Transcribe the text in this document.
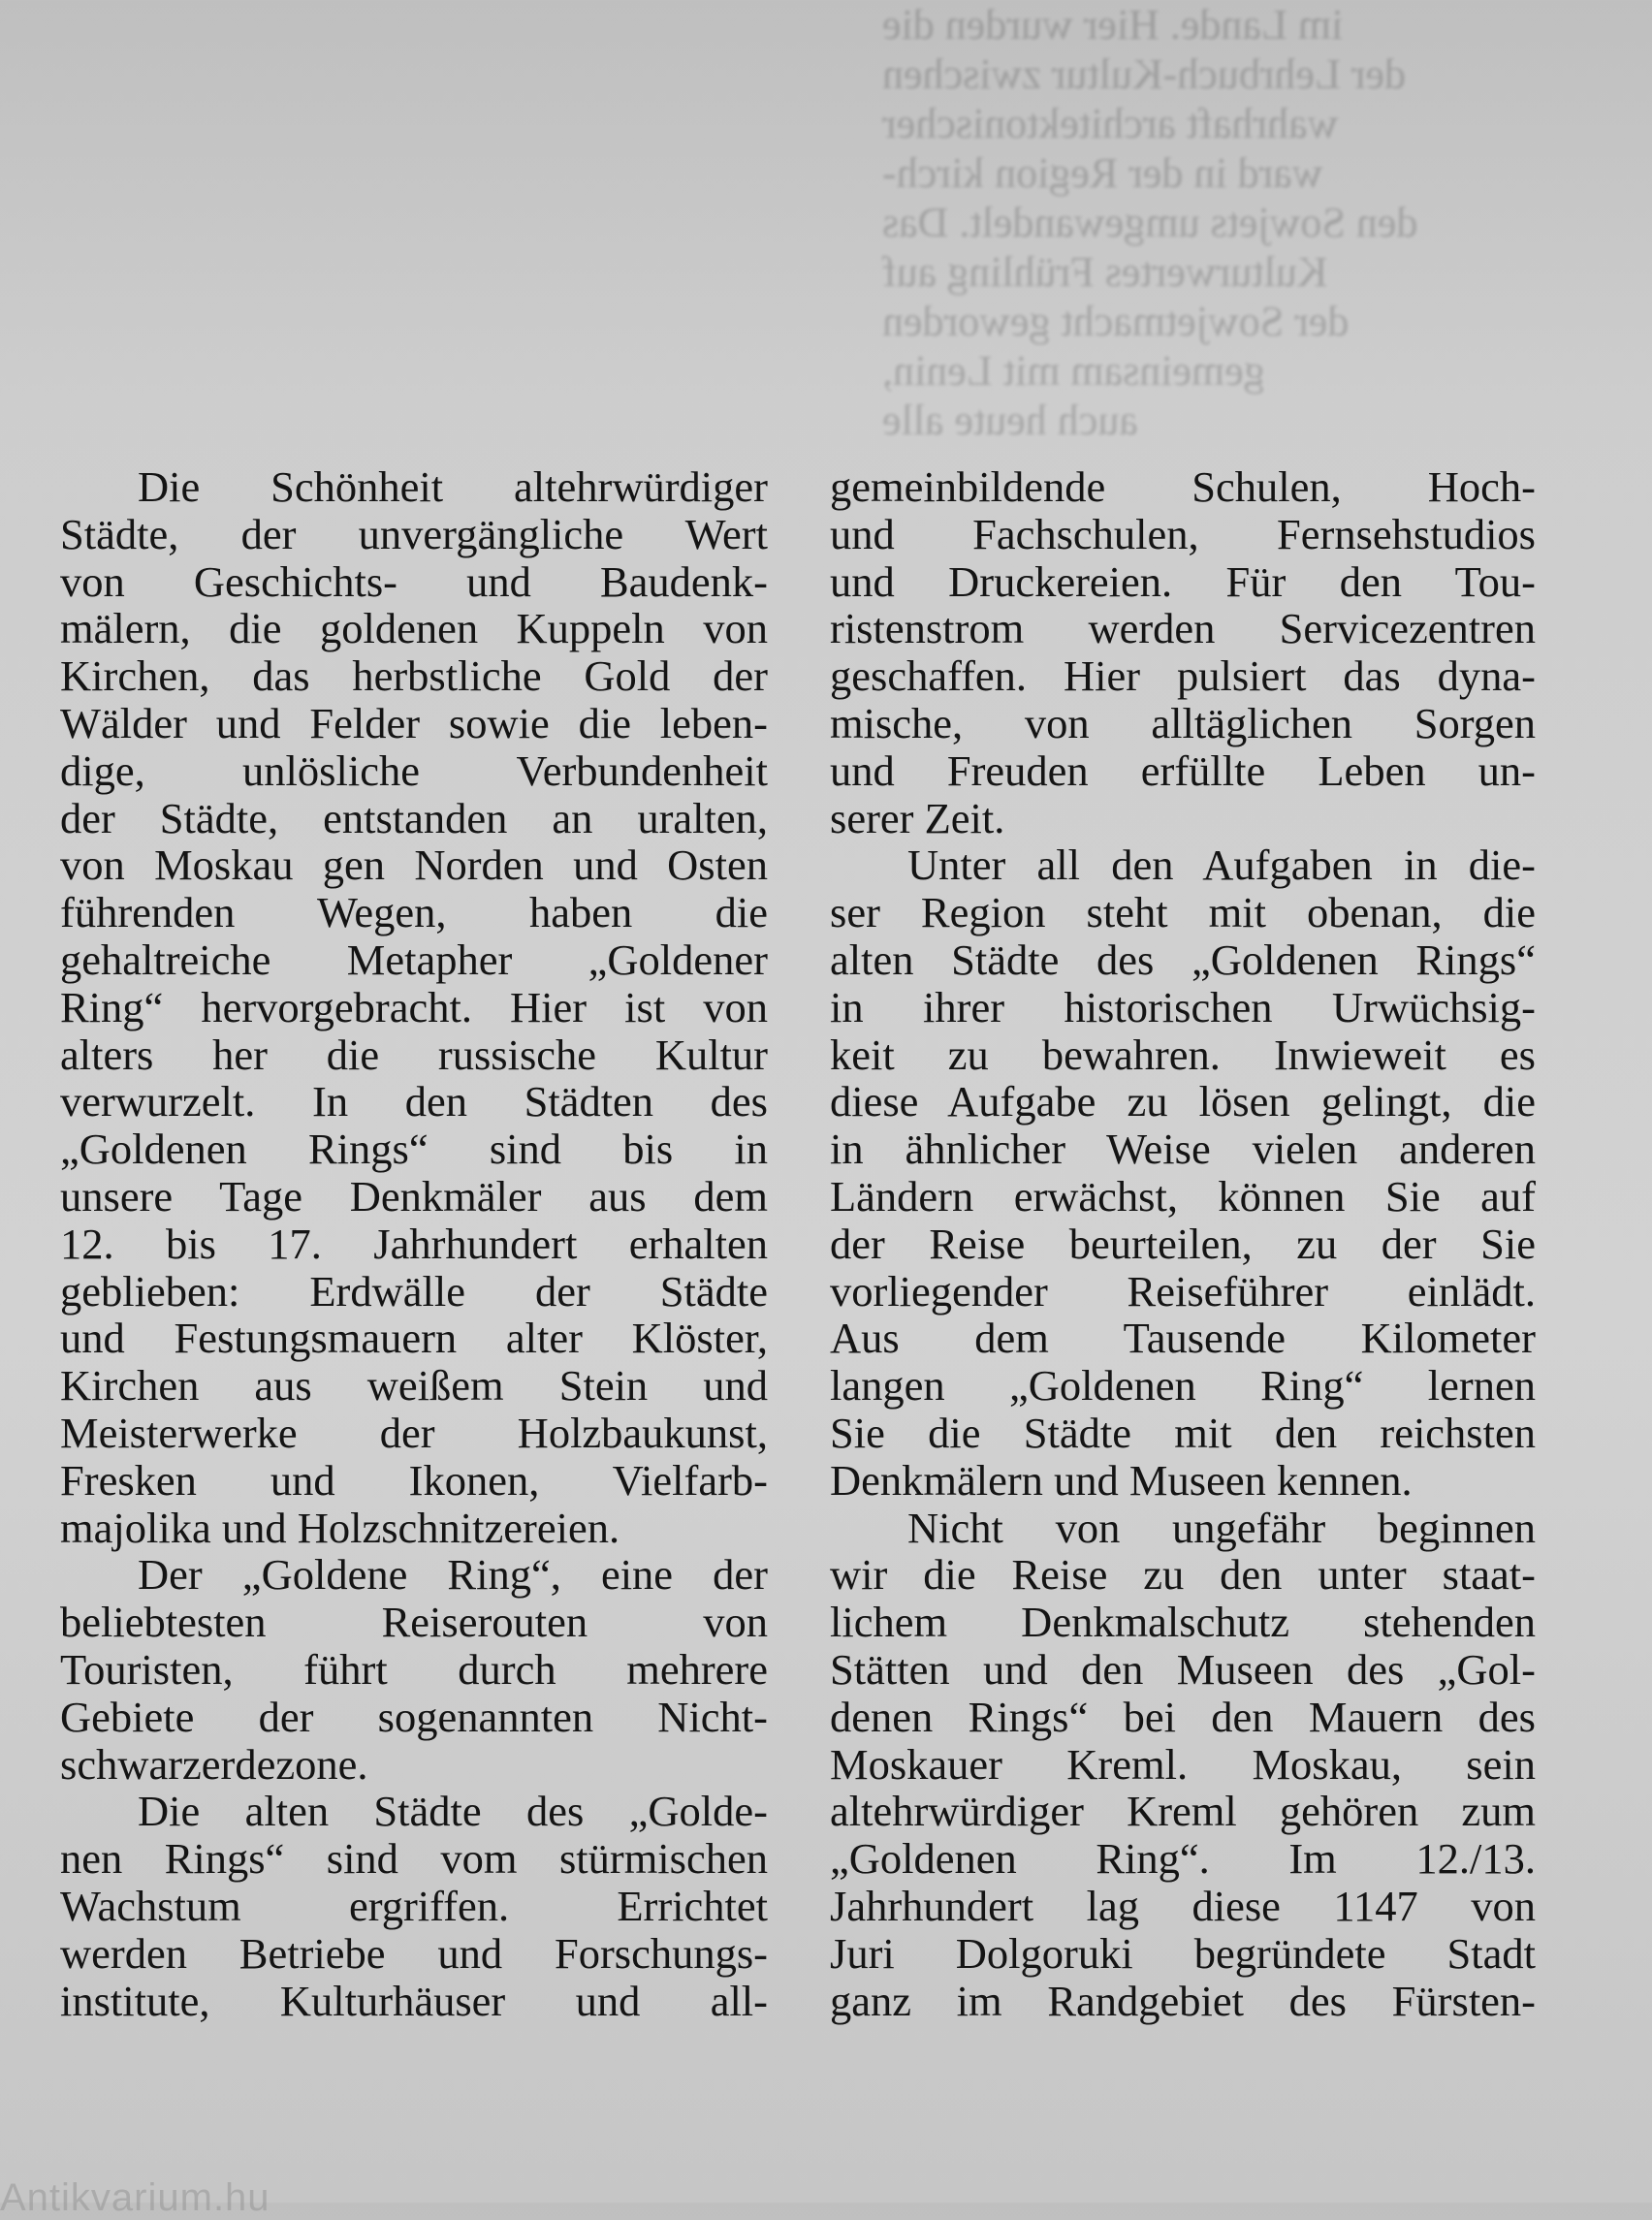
im Lande. Hier wurden die
der Lehrbuch-Kultur zwischen
wahrhaft architektonischer
ward in der Region kirch-
den Sowjets umgewandelt. Das
Kulturwertes Frühling auf
der Sowjetmacht geworden
gemeinsam mit Lenin,
auch heute alle
Die Schönheit altehrwürdiger
Städte, der unvergängliche Wert
von Geschichts- und Baudenk-
mälern, die goldenen Kuppeln von
Kirchen, das herbstliche Gold der
Wälder und Felder sowie die leben-
dige, unlösliche Verbundenheit
der Städte, entstanden an uralten,
von Moskau gen Norden und Osten
führenden Wegen, haben die
gehaltreiche Metapher „Goldener
Ring“ hervorgebracht. Hier ist von
alters her die russische Kultur
verwurzelt. In den Städten des
„Goldenen Rings“ sind bis in
unsere Tage Denkmäler aus dem
12. bis 17. Jahrhundert erhalten
geblieben: Erdwälle der Städte
und Festungsmauern alter Klöster,
Kirchen aus weißem Stein und
Meisterwerke der Holzbaukunst,
Fresken und Ikonen, Vielfarb-
majolika und Holzschnitzereien.
Der „Goldene Ring“, eine der
beliebtesten Reiserouten von
Touristen, führt durch mehrere
Gebiete der sogenannten Nicht-
schwarzerdezone.
Die alten Städte des „Golde-
nen Rings“ sind vom stürmischen
Wachstum ergriffen. Errichtet
werden Betriebe und Forschungs-
institute, Kulturhäuser und all-
gemeinbildende Schulen, Hoch-
und Fachschulen, Fernsehstudios
und Druckereien. Für den Tou-
ristenstrom werden Servicezentren
geschaffen. Hier pulsiert das dyna-
mische, von alltäglichen Sorgen
und Freuden erfüllte Leben un-
serer Zeit.
Unter all den Aufgaben in die-
ser Region steht mit obenan, die
alten Städte des „Goldenen Rings“
in ihrer historischen Urwüchsig-
keit zu bewahren. Inwieweit es
diese Aufgabe zu lösen gelingt, die
in ähnlicher Weise vielen anderen
Ländern erwächst, können Sie auf
der Reise beurteilen, zu der Sie
vorliegender Reiseführer einlädt.
Aus dem Tausende Kilometer
langen „Goldenen Ring“ lernen
Sie die Städte mit den reichsten
Denkmälern und Museen kennen.
Nicht von ungefähr beginnen
wir die Reise zu den unter staat-
lichem Denkmalschutz stehenden
Stätten und den Museen des „Gol-
denen Rings“ bei den Mauern des
Moskauer Kreml. Moskau, sein
altehrwürdiger Kreml gehören zum
„Goldenen Ring“. Im 12./13.
Jahrhundert lag diese 1147 von
Juri Dolgoruki begründete Stadt
ganz im Randgebiet des Fürsten-
Antikvarium.hu
